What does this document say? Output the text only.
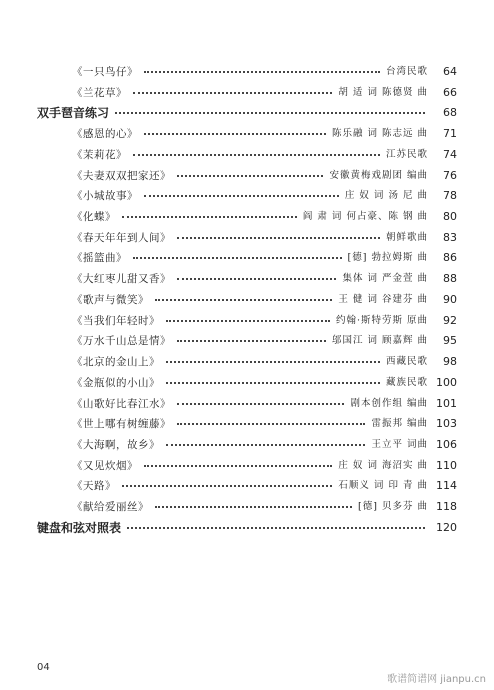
《一只鸟仔》	台湾民歌	64
《兰花草》	胡 适 词 陈德贤 曲	66
双手琶音练习	68
《感恩的心》	陈乐融 词 陈志远 曲	71
《茉莉花》	江苏民歌	74
《夫妻双双把家还》	安徽黄梅戏剧团 编曲	76
《小城故事》	庄 奴 词 汤 尼 曲	78
《化蝶》	阎 肃 词 何占豪、陈 钢 曲	80
《春天年年到人间》	朝鲜歌曲	83
《摇篮曲》	[德] 勃拉姆斯 曲	86
《大红枣儿甜又香》	集体 词 严金萱 曲	88
《歌声与微笑》	王 健 词 谷建芬 曲	90
《当我们年轻时》	约翰·斯特劳斯 原曲	92
《万水千山总是情》	邬国江 词 顾嘉辉 曲	95
《北京的金山上》	西藏民歌	98
《金瓶似的小山》	藏族民歌 100
《山歌好比春江水》	剧本创作组 编曲 101
《世上哪有树缠藤》	雷振邦 编曲 103
《大海啊，故乡》	王立平 词曲 106
《又见炊烟》	庄 奴 词 海沼实 曲 110
《天路》	石顺义 词 印 青 曲 114
《献给爱丽丝》	[德] 贝多芬 曲 118
键盘和弦对照表	120
04
歌谱简谱网 jianpu.cn
